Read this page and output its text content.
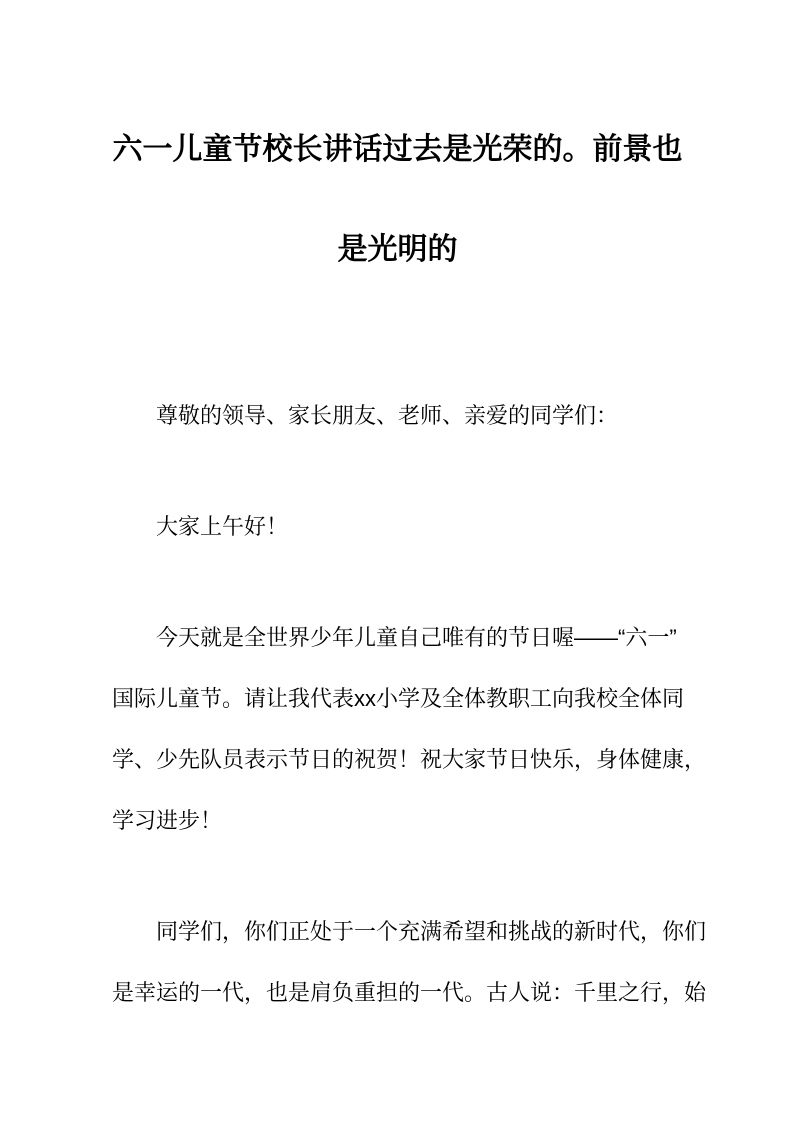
六一儿童节校长讲话过去是光荣的。前景也
是光明的

尊敬的领导、家长朋友、老师、亲爱的同学们：

大家上午好！

今天就是全世界少年儿童自己唯有的节日喔——“六一”
国际儿童节。请让我代表xx小学及全体教职工向我校全体同
学、少先队员表示节日的祝贺！祝大家节日快乐，身体健康，
学习进步！

同学们，你们正处于一个充满希望和挑战的新时代，你们
是幸运的一代，也是肩负重担的一代。古人说：千里之行，始
